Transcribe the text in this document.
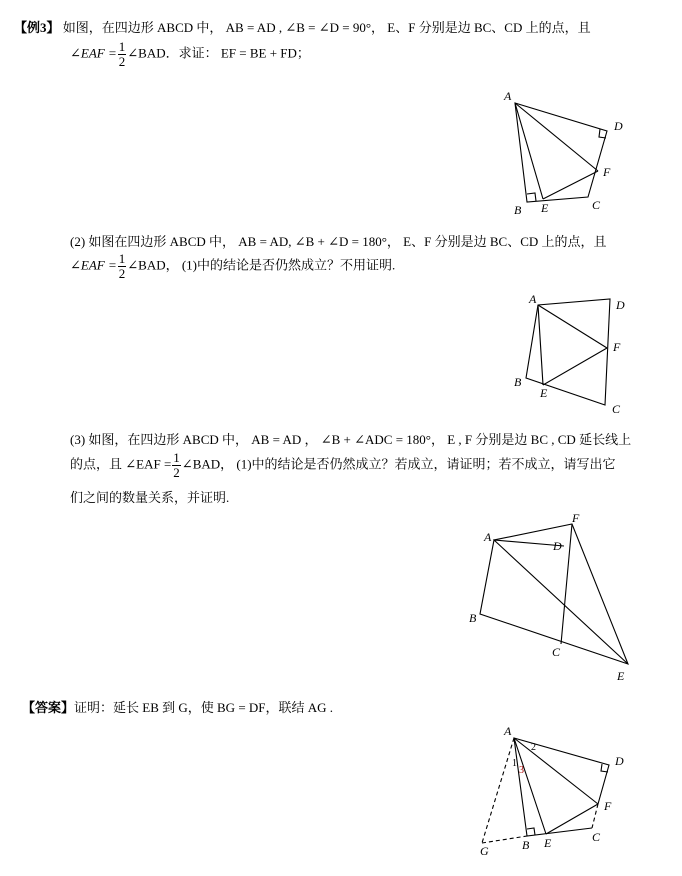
【例3】 如图，在四边形 ABCD 中， AB = AD , ∠B = ∠D = 90°， E、F 分别是边 BC、CD 上的点，且
∠EAF = $\frac{1}{2}$ ∠BAD．求证： EF = BE + FD；
(2) 如图在四边形 ABCD 中， AB = AD, ∠B + ∠D = 180°， E、F 分别是边 BC、CD 上的点，且
∠EAF = $\frac{1}{2}$ ∠BAD， (1)中的结论是否仍然成立？不用证明.
(3) 如图，在四边形 ABCD 中， AB = AD ， ∠B + ∠ADC = 180°， E , F 分别是边 BC , CD 延长线上
的点，且 ∠EAF = $\frac{1}{2}$ ∠BAD， (1)中的结论是否仍然成立？若成立，请证明；若不成立，请写出它
们之间的数量关系，并证明.
【答案】证明：延长 EB 到 G，使 BG = DF，联结 AG .
A
B	C
D
E
F
A
B
C
D
E
F
A
B
C
D
E
F
A
B
C
D
E
F
G
1
2
3
